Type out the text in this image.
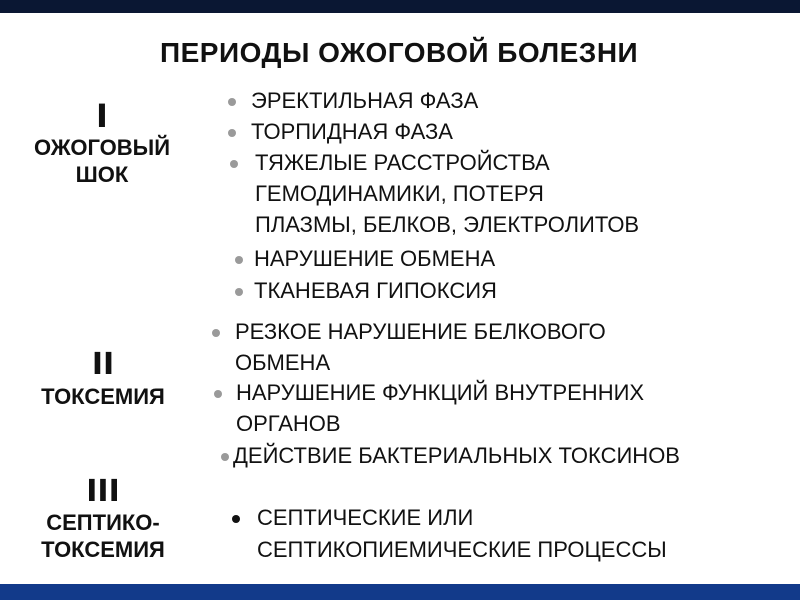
ПЕРИОДЫ ОЖОГОВОЙ БОЛЕЗНИ
I
ОЖОГОВЫЙ
ШОК
ЭРЕКТИЛЬНАЯ ФАЗА
ТОРПИДНАЯ ФАЗА
ТЯЖЕЛЫЕ РАССТРОЙСТВА
ГЕМОДИНАМИКИ, ПОТЕРЯ
ПЛАЗМЫ, БЕЛКОВ, ЭЛЕКТРОЛИТОВ
НАРУШЕНИЕ ОБМЕНА
ТКАНЕВАЯ ГИПОКСИЯ
II
ТОКСЕМИЯ
РЕЗКОЕ НАРУШЕНИЕ БЕЛКОВОГО
ОБМЕНА
НАРУШЕНИЕ ФУНКЦИЙ ВНУТРЕННИХ
ОРГАНОВ
ДЕЙСТВИЕ БАКТЕРИАЛЬНЫХ ТОКСИНОВ
III
СЕПТИКО-
ТОКСЕМИЯ
СЕПТИЧЕСКИЕ ИЛИ
СЕПТИКОПИЕМИЧЕСКИЕ ПРОЦЕССЫ
